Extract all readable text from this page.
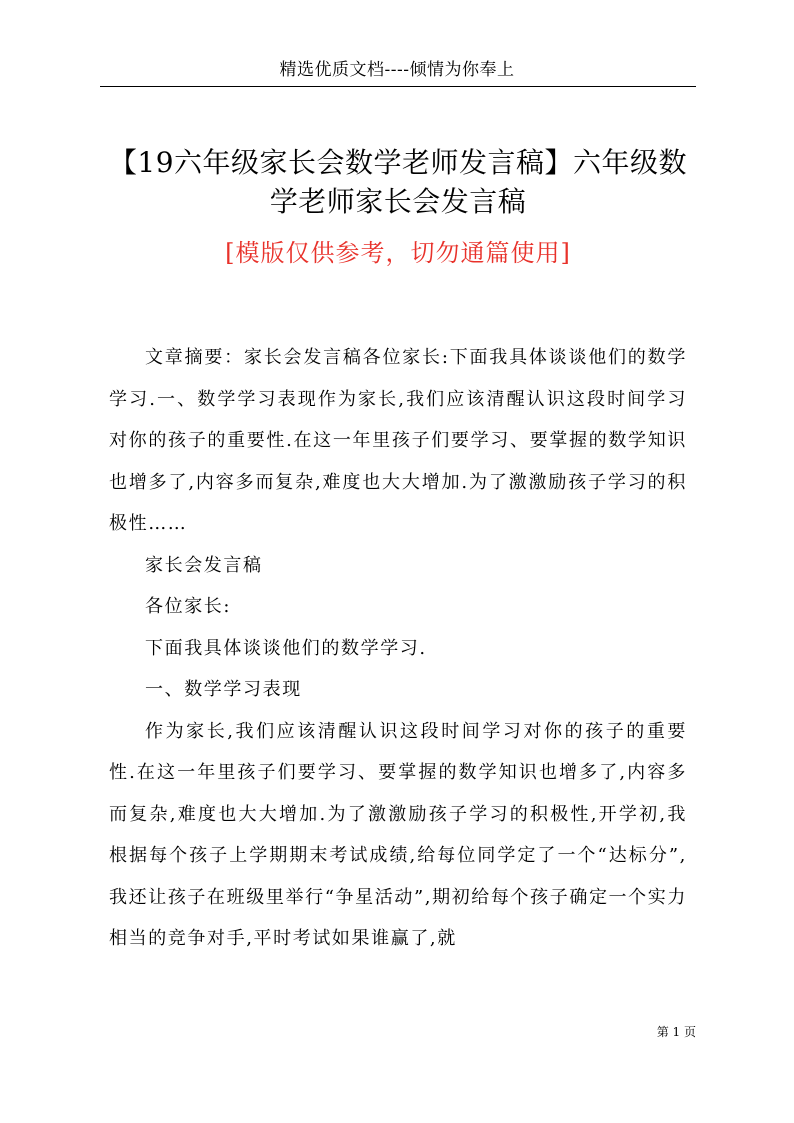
精选优质文档----倾情为你奉上
【19六年级家长会数学老师发言稿】六年级数学老师家长会发言稿
[模版仅供参考，切勿通篇使用]

文章摘要：家长会发言稿各位家长:下面我具体谈谈他们的数学学习.一、数学学习表现作为家长,我们应该清醒认识这段时间学习对你的孩子的重要性.在这一年里孩子们要学习、要掌握的数学知识也增多了,内容多而复杂,难度也大大增加.为了激激励孩子学习的积极性……

家长会发言稿

各位家长:

下面我具体谈谈他们的数学学习.

一、数学学习表现

作为家长,我们应该清醒认识这段时间学习对你的孩子的重要性.在这一年里孩子们要学习、要掌握的数学知识也增多了,内容多而复杂,难度也大大增加.为了激激励孩子学习的积极性,开学初,我根据每个孩子上学期期末考试成绩,给每位同学定了一个“达标分”,我还让孩子在班级里举行“争星活动”,期初给每个孩子确定一个实力相当的竞争对手,平时考试如果谁赢了,就

第 1 页
